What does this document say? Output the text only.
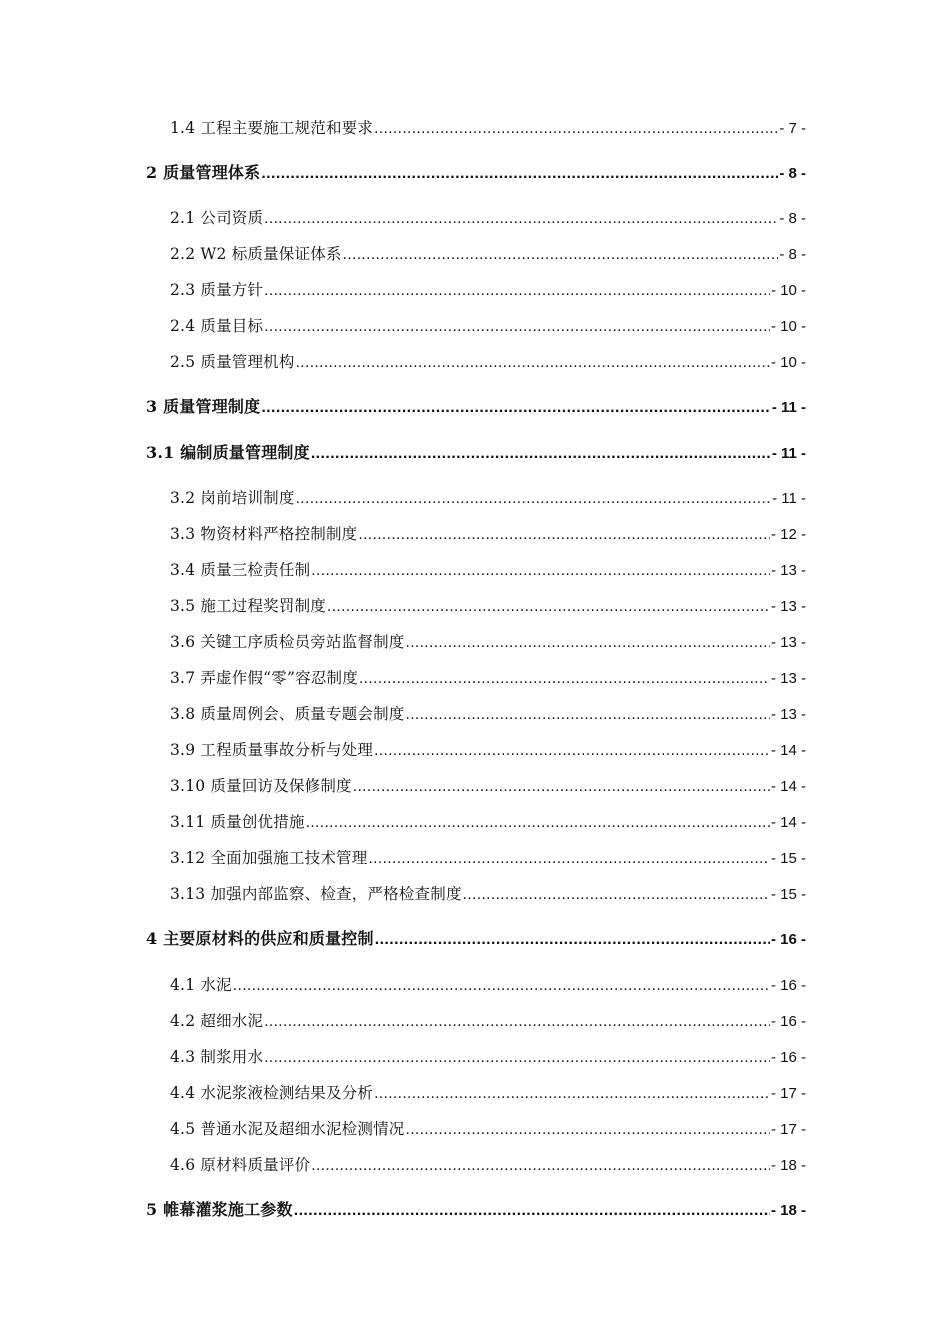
1.4 工程主要施工规范和要求 .....	- 7 -
2 质量管理体系 .....	- 8 -
2.1 公司资质 .....	- 8 -
2.2 W2 标质量保证体系 .....	- 8 -
2.3 质量方针 .....	- 10 -
2.4 质量目标 .....	- 10 -
2.5 质量管理机构 .....	- 10 -
3 质量管理制度 .....	- 11 -
3.1 编制质量管理制度 .....	- 11 -
3.2 岗前培训制度 .....	- 11 -
3.3 物资材料严格控制制度 .....	- 12 -
3.4 质量三检责任制 .....	- 13 -
3.5 施工过程奖罚制度 .....	- 13 -
3.6 关键工序质检员旁站监督制度 .....	- 13 -
3.7 弄虚作假“零”容忍制度 .....	- 13 -
3.8 质量周例会、质量专题会制度 .....	- 13 -
3.9 工程质量事故分析与处理 .....	- 14 -
3.10 质量回访及保修制度 .....	- 14 -
3.11 质量创优措施 .....	- 14 -
3.12 全面加强施工技术管理 .....	- 15 -
3.13 加强内部监察、检查，严格检查制度 .....	- 15 -
4 主要原材料的供应和质量控制 .....	- 16 -
4.1 水泥 .....	- 16 -
4.2 超细水泥 .....	- 16 -
4.3 制浆用水 .....	- 16 -
4.4 水泥浆液检测结果及分析 .....	- 17 -
4.5 普通水泥及超细水泥检测情况 .....	- 17 -
4.6 原材料质量评价 .....	- 18 -
5 帷幕灌浆施工参数 .....	- 18 -
